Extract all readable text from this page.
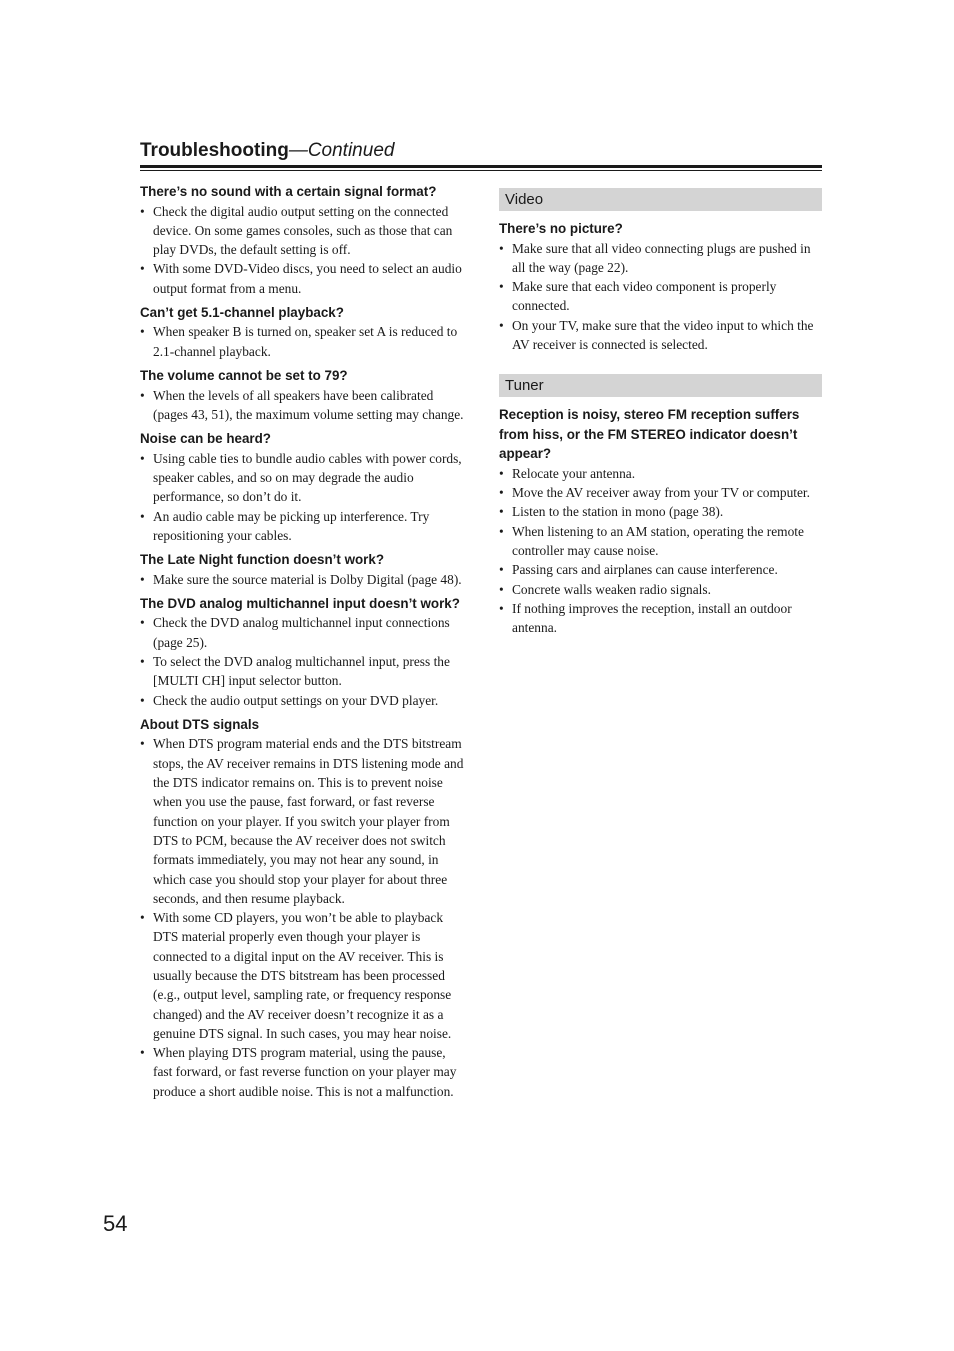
Troubleshooting—Continued

There’s no sound with a certain signal format?

• Check the digital audio output setting on the connected device. On some games consoles, such as those that can play DVDs, the default setting is off.
• With some DVD-Video discs, you need to select an audio output format from a menu.

Can’t get 5.1-channel playback?

• When speaker B is turned on, speaker set A is reduced to 2.1-channel playback.

The volume cannot be set to 79?

• When the levels of all speakers have been calibrated (pages 43, 51), the maximum volume setting may change.

Noise can be heard?

• Using cable ties to bundle audio cables with power cords, speaker cables, and so on may degrade the audio performance, so don’t do it.
• An audio cable may be picking up interference. Try repositioning your cables.

The Late Night function doesn’t work?

• Make sure the source material is Dolby Digital (page 48).

The DVD analog multichannel input doesn’t work?

• Check the DVD analog multichannel input connections (page 25).
• To select the DVD analog multichannel input, press the [MULTI CH] input selector button.
• Check the audio output settings on your DVD player.

About DTS signals

• When DTS program material ends and the DTS bitstream stops, the AV receiver remains in DTS listening mode and the DTS indicator remains on. This is to prevent noise when you use the pause, fast forward, or fast reverse function on your player. If you switch your player from DTS to PCM, because the AV receiver does not switch formats immediately, you may not hear any sound, in which case you should stop your player for about three seconds, and then resume playback.
• With some CD players, you won’t be able to playback DTS material properly even though your player is connected to a digital input on the AV receiver. This is usually because the DTS bitstream has been processed (e.g., output level, sampling rate, or frequency response changed) and the AV receiver doesn’t recognize it as a genuine DTS signal. In such cases, you may hear noise.
• When playing DTS program material, using the pause, fast forward, or fast reverse function on your player may produce a short audible noise. This is not a malfunction.
Video

There’s no picture?

• Make sure that all video connecting plugs are pushed in all the way (page 22).
• Make sure that each video component is properly connected.
• On your TV, make sure that the video input to which the AV receiver is connected is selected.
Tuner

Reception is noisy, stereo FM reception suffers from hiss, or the FM STEREO indicator doesn’t appear?

• Relocate your antenna.
• Move the AV receiver away from your TV or computer.
• Listen to the station in mono (page 38).
• When listening to an AM station, operating the remote controller may cause noise.
• Passing cars and airplanes can cause interference.
• Concrete walls weaken radio signals.
• If nothing improves the reception, install an outdoor antenna.
54
